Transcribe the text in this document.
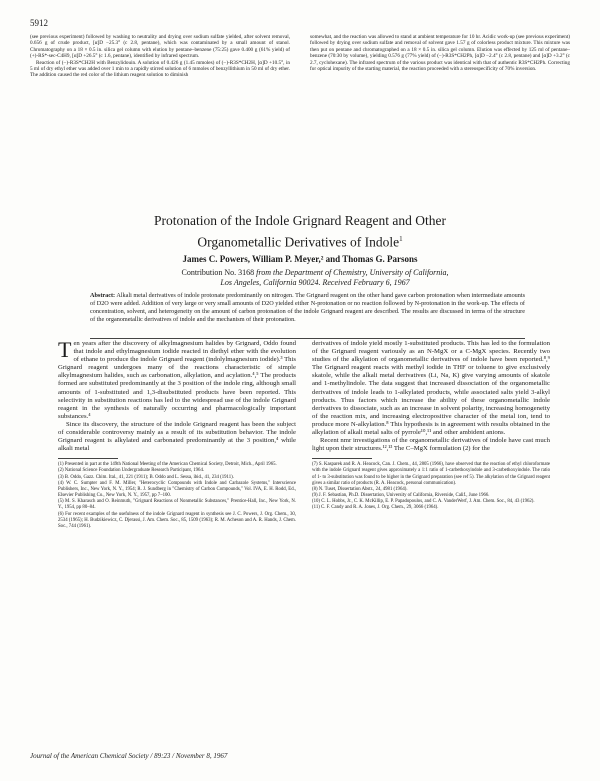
5912

(see previous experiment) followed by washing to neutrality and drying over sodium sulfate yielded, after solvent removal, 0.656 g of crude product, [α]D −25.3° (c 2.8, pentane), which was contaminated by a small amount of stanol. Chromatography on a 18 × 0.5 in. silica gel column with elution by pentane–benzene (75:25) gave 0.400 g (61% yield) of (+)-RS*-sec-C4H9, [α]D +26.5° (c 1.6, pentane), identified by infrared spectrum.

Reaction of (−)-R3S*CH2H with Benzylidouin. A solution of 0.426 g (1.45 mmoles) of (−)-R3S*CH2H, [α]D +10.5°, in 5 ml of dry ethyl ether was added over 1 min to a rapidly stirred solution of 6 mmoles of benzyllithium in 50 ml of dry ether. The addition caused the red color of the lithium reagent solution to diminish

somewhat, and the reaction was allowed to stand at ambient temperature for 10 hr. Acidic work-up (see previous experiment) followed by drying over sodium sulfate and removal of solvent gave 1.57 g of colorless product mixture. This mixture was then put on pentane and chromatographed on a 18 × 0.5 in. silica gel column. Elution was effected by 125 ml of pentane–benzene (70:30 by volume), yielding 0.576 g (77% yield) of (−)-R3S*CH2Ph, [α]D −2.4° (c 2.8, pentane) and [α]D +3.2° (c 2.7, cyclohexane). The infrared spectrum of the various product was identical with that of authentic R3S*CH2Ph. Correcting for optical impurity of the starting material, the reaction proceeded with a stereospecificity of 70% inversion.

Protonation of the Indole Grignard Reagent and Other
Organometallic Derivatives of Indole$^1$
James C. Powers, William P. Meyer,² and Thomas G. Parsons
Contribution No. 3168 from the Department of Chemistry, University of California,
Los Angeles, California 90024. Received February 6, 1967
Abstract: Alkali metal derivatives of indole protonate predominantly on nitrogen. The Grignard reagent on the other hand gave carbon protonation when intermediate amounts of D2O were added. Addition of very large or very small amounts of D2O yielded either N-protonation or no reaction followed by N-protonation in the work-up. The effects of concentration, solvent, and heterogeneity on the amount of carbon protonation of the indole Grignard reagent are described. The results are discussed in terms of the structure of the organometallic derivatives of indole and the mechanism of their protonation.

Ten years after the discovery of alkylmagnesium halides by Grignard, Oddo found that indole and ethylmagnesium iodide reacted in diethyl ether with the evolution of ethane to produce the indole Grignard reagent (indolylmagnesium iodide).³ This Grignard reagent undergoes many of the reactions characteristic of simple alkylmagnesium halides, such as carbonation, alkylation, and acylation.⁴,⁵ The products formed are substituted predominantly at the 3 position of the indole ring, although small amounts of 1-substituted and 1,3-disubstituted products have been reported. This selectivity in substitution reactions has led to the widespread use of the indole Grignard reagent in the synthesis of naturally occurring and pharmacologically important substances.⁴

Since its discovery, the structure of the indole Grignard reagent has been the subject of considerable controversy mainly as a result of its substitution behavior. The indole Grignard reagent is alkylated and carbonated predominantly at the 3 position,⁴ while alkali metal

(1) Presented in part at the 149th National Meeting of the American Chemical Society, Detroit, Mich., April 1965.
(2) National Science Foundation Undergraduate Research Participant, 1964.
(3) B. Oddo, Gazz. Chim. Ital., 41, 221 (1911); B. Oddo and L. Sessa, ibid., 41, 234 (1911).
(4) W. C. Sumpter and F. M. Miller, "Heterocyclic Compounds with Indole and Carbazole Systems," Interscience Publishers, Inc., New York, N. Y., 1954; R. J. Sundberg in "Chemistry of Carbon Compounds," Vol. IVA, E. H. Rodd, Ed., Elsevier Publishing Co., New York, N. Y., 1957, pp 7–100.
(5) M. S. Kharasch and O. Reinmuth, "Grignard Reactions of Nonmetallic Substances," Prentice-Hall, Inc., New York, N. Y., 1954, pp 80–84.
(6) For recent examples of the usefulness of the indole Grignard reagent in synthesis see J. C. Powers, J. Org. Chem., 30, 2534 (1965); H. Budzikiewicz, C. Djerassi, J. Am. Chem. Soc., 85, 1509 (1963); R. M. Acheson and A. R. Hands, J. Chem. Soc., 744 (1961).

derivatives of indole yield mostly 1-substituted products. This has led to the formulation of the Grignard reagent variously as an N-MgX or a C-MgX species. Recently two studies of the alkylation of organometallic derivatives of indole have been reported.⁸,⁹ The Grignard reagent reacts with methyl iodide in THF or toluene to give exclusively skatole, while the alkali metal derivatives (Li, Na, K) give varying amounts of skatole and 1-methylindole. The data suggest that increased dissociation of the organometallic derivatives of indole leads to 1-alkylated products, while associated salts yield 3-alkyl products. Thus factors which increase the ability of these organometallic indole derivatives to dissociate, such as an increase in solvent polarity, increasing homogeneity of the reaction mix, and increasing electropositive character of the metal ion, tend to produce more N-alkylation.⁸ This hypothesis is in agreement with results obtained in the alkylation of alkali metal salts of pyrrole¹⁰,¹¹ and other ambident anions.

Recent nmr investigations of the organometallic derivatives of indole have cast much light upon their structures.¹²,¹³ The C–MgX formulation (2) for the

(7) S. Kasparek and R. A. Heacock, Can. J. Chem., 44, 2805 (1966), have observed that the reaction of ethyl chloroformate with the indole Grignard reagent gives approximately a 1:1 ratio of 1-carbethoxyindole and 3-carbethoxyindole. The ratio of 1- to 3-substitution was found to be higher in the Grignard preparation (see ref 5). The alkylation of the Grignard reagent gives a similar ratio of products (R. A. Heacock, personal communication).
(8) N. Tuset, Dissertation Abstr., 24, 4981 (1964).
(9) J. F. Sebastian, Ph.D. Dissertation, University of California, Riverside, Calif., June 1966.
(10) C. L. Hobbs, Jr., C. K. McKillip, E. P. Papadopoulos, and C. A. VanderWerf, J. Am. Chem. Soc., 84, 43 (1962).
(11) C. F. Candy and R. A. Jones, J. Org. Chem., 29, 3066 (1964).
Journal of the American Chemical Society / 89:23 / November 8, 1967
